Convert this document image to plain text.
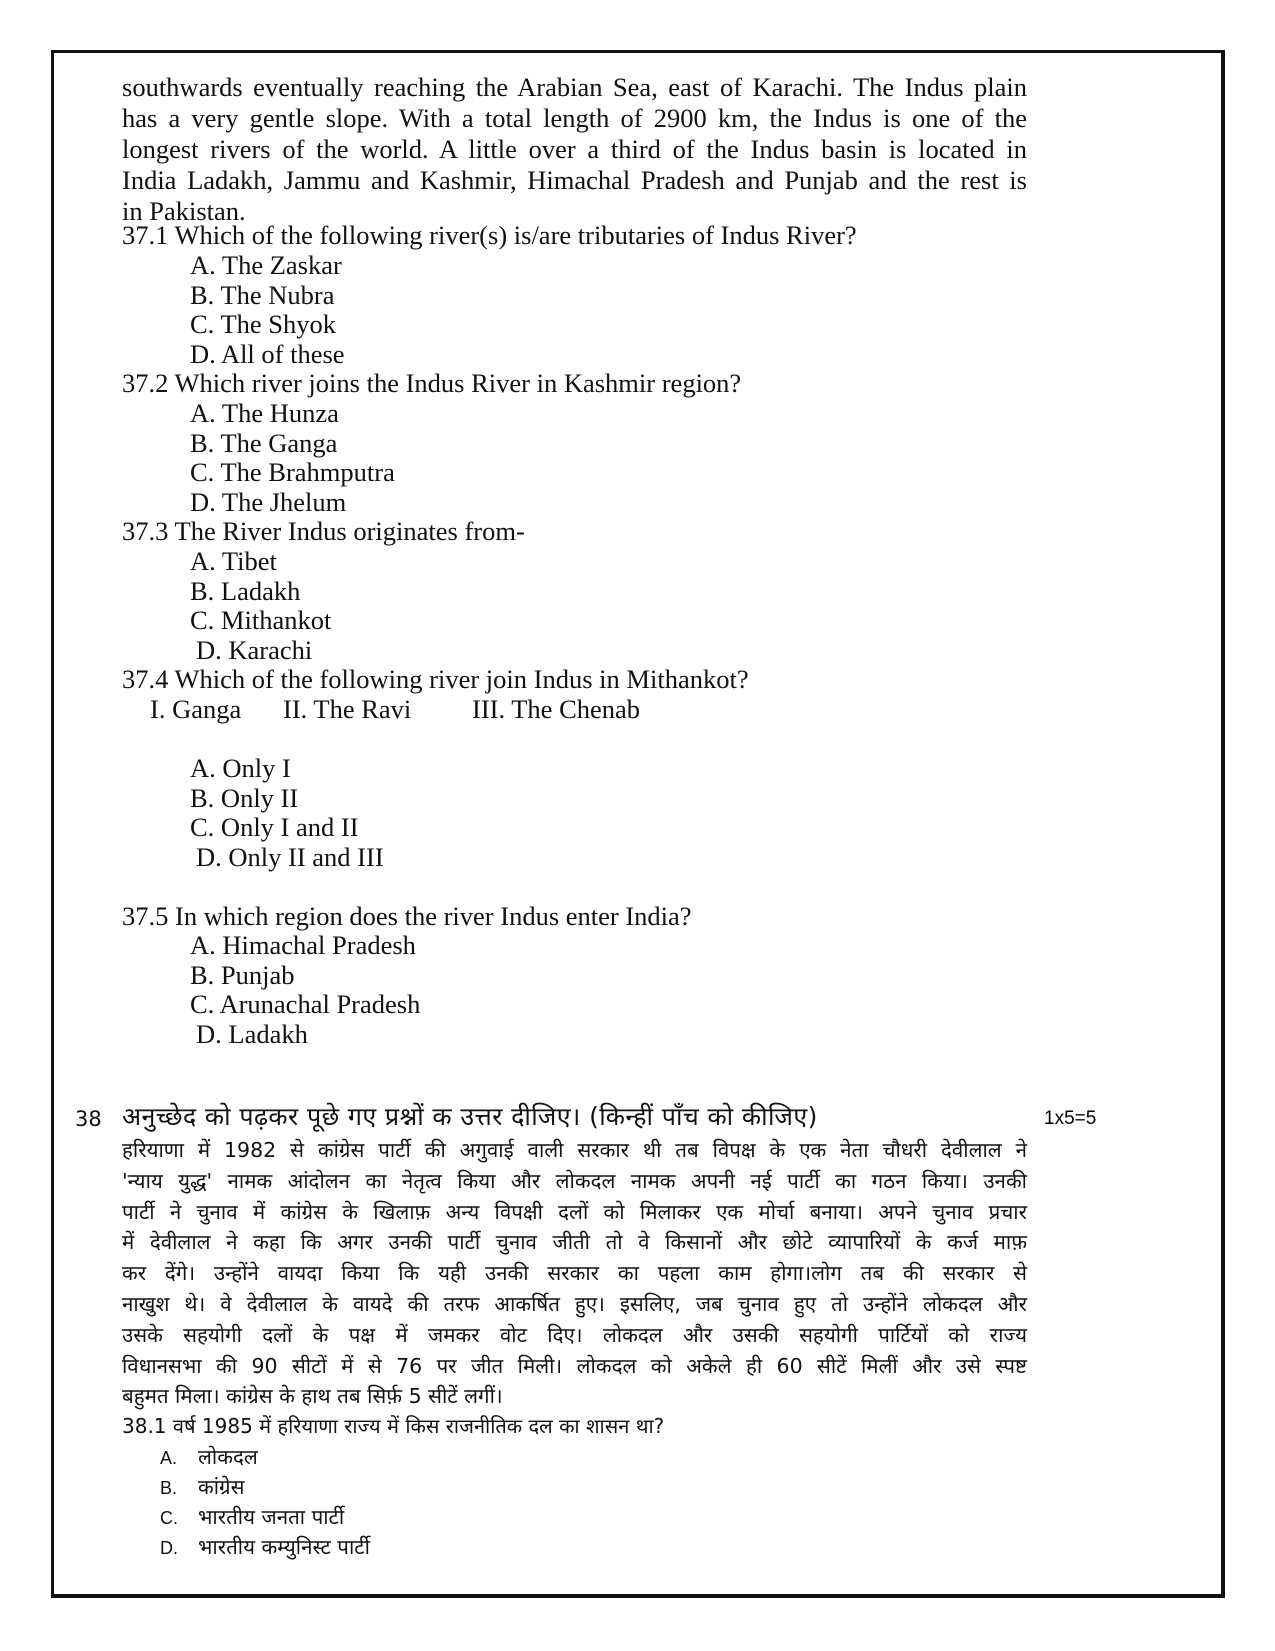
southwards eventually reaching the Arabian Sea, east of Karachi. The Indus plain
has a very gentle slope. With a total length of 2900 km, the Indus is one of the
longest rivers of the world. A little over a third of the Indus basin is located in
India Ladakh, Jammu and Kashmir, Himachal Pradesh and Punjab and the rest is
in Pakistan.
37.1 Which of the following river(s) is/are tributaries of Indus River?
A. The Zaskar
B. The Nubra
C. The Shyok
D. All of these
37.2 Which river joins the Indus River in Kashmir region?
A. The Hunza
B. The Ganga
C. The Brahmputra
D. The Jhelum
37.3 The River Indus originates from-
A. Tibet
B. Ladakh
C. Mithankot
D. Karachi
37.4 Which of the following river join Indus in Mithankot?
I. Ganga II. The Ravi III. The Chenab
A. Only I
B. Only II
C. Only I and II
D. Only II and III
37.5 In which region does the river Indus enter India?
A. Himachal Pradesh
B. Punjab
C. Arunachal Pradesh
D. Ladakh
38 अनुच्छेद को पढ़कर पूछे गए प्रश्नों क उत्तर दीजिए। (किन्हीं पाँच को कीजिए)	1x5=5
हरियाणा में 1982 से कांग्रेस पार्टी की अगुवाई वाली सरकार थी तब विपक्ष के एक नेता चौधरी देवीलाल ने
'न्याय युद्ध' नामक आंदोलन का नेतृत्व किया और लोकदल नामक अपनी नई पार्टी का गठन किया। उनकी
पार्टी ने चुनाव में कांग्रेस के खिलाफ़ अन्य विपक्षी दलों को मिलाकर एक मोर्चा बनाया। अपने चुनाव प्रचार
में देवीलाल ने कहा कि अगर उनकी पार्टी चुनाव जीती तो वे किसानों और छोटे व्यापारियों के कर्ज माफ़
कर देंगे। उन्होंने वायदा किया कि यही उनकी सरकार का पहला काम होगा।लोग तब की सरकार से
नाखुश थे। वे देवीलाल के वायदे की तरफ आकर्षित हुए। इसलिए, जब चुनाव हुए तो उन्होंने लोकदल और
उसके सहयोगी दलों के पक्ष में जमकर वोट दिए। लोकदल और उसकी सहयोगी पार्टियों को राज्य
विधानसभा की 90 सीटों में से 76 पर जीत मिली। लोकदल को अकेले ही 60 सीटें मिलीं और उसे स्पष्ट
बहुमत मिला। कांग्रेस के हाथ तब सिर्फ़ 5 सीटें लगीं।
38.1 वर्ष 1985 में हरियाणा राज्य में किस राजनीतिक दल का शासन था?
A. लोकदल
B. कांग्रेस
C. भारतीय जनता पार्टी
D. भारतीय कम्युनिस्ट पार्टी
